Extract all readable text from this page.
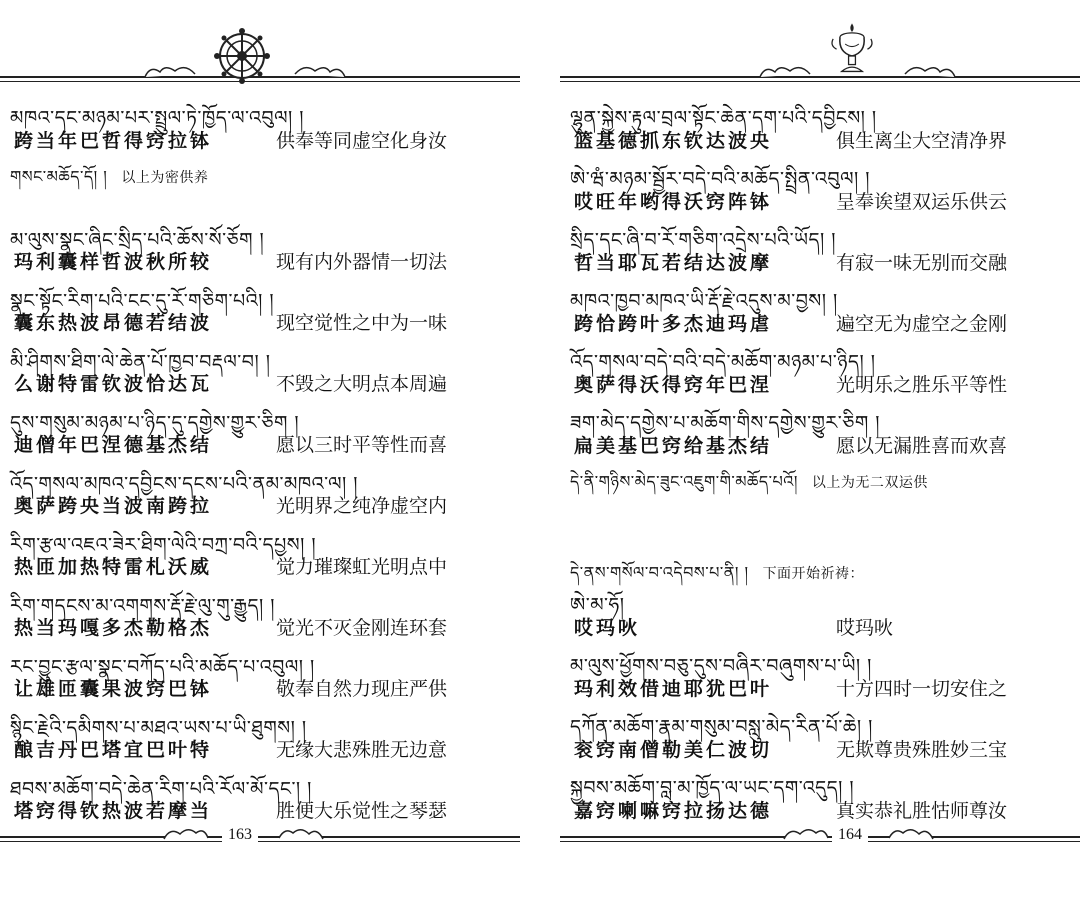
མཁའ་དང་མཉམ་པར་སྤྲུལ་ཏེ་ཁྱོད་ལ་འབུལ། །
跨当年巴哲得窍拉钵	供奉等同虚空化身汝
གསང་མཆོད་དོ། ། 以上为密供养
མ་ལུས་སྣང་ཞིང་སྲིད་པའི་ཆོས་སོ་ཅོག །
玛利囊样哲波秋所较	现有内外器情一切法
སྣང་སྟོང་རིག་པའི་ངང་དུ་རོ་གཅིག་པའི། །
囊东热波昂德若结波	现空觉性之中为一味
མི་ཤིགས་ཐིག་ལེ་ཆེན་པོ་ཁྱབ་བརྡལ་བ། །
么谢特雷钦波恰达瓦	不毁之大明点本周遍
དུས་གསུམ་མཉམ་པ་ཉིད་དུ་དགྱེས་གྱུར་ཅིག །
迪僧年巴涅德基杰结	愿以三时平等性而喜
འོད་གསལ་མཁའ་དབྱིངས་དངས་པའི་ནམ་མཁའ་ལ། །
奥萨跨央当波南跨拉	光明界之纯净虚空内
རིག་རྩལ་འཇའ་ཟེར་ཐིག་ལེའི་བཀྲ་བའི་དཔྱས། །
热匝加热特雷札沃威	觉力璀璨虹光明点中
རིག་གདངས་མ་འགགས་རྡོ་རྗེ་ལུ་གུ་རྒྱུད། །
热当玛嘎多杰勒格杰	觉光不灭金刚连环套
རང་བྱུང་རྩལ་སྣང་བཀོད་པའི་མཆོད་པ་འབུལ། །
让雄匝囊果波窍巴钵	敬奉自然力现庄严供
སྙིང་རྗེའི་དམིགས་པ་མཐའ་ཡས་པ་ཡི་ཐུགས། །
酿吉丹巴塔宜巴叶特	无缘大悲殊胜无边意
ཐབས་མཆོག་བདེ་ཆེན་རིག་པའི་རོལ་མོ་དང་། །
塔窍得钦热波若摩当	胜便大乐觉性之琴瑟
163
ལྷུན་སྐྱེས་རྟུལ་བྲལ་སྟོང་ཆེན་དག་པའི་དབྱིངས། །
篮基德抓东钦达波央	俱生离尘大空清净界
ཨེ་ཝཾ་མཉམ་སྦྱོར་བདེ་བའི་མཆོད་སྤྲིན་འབུལ། །
哎旺年哟得沃窍阵钵	呈奉诶望双运乐供云
སྲིད་དང་ཞི་བ་རོ་གཅིག་འདྲེས་པའི་ཡོད། །
哲当耶瓦若结达波摩	有寂一味无别而交融
མཁའ་ཁྱབ་མཁའ་ཡི་རྡོ་རྗེ་འདུས་མ་བྱས། །
跨恰跨叶多杰迪玛虐	遍空无为虚空之金刚
འོད་གསལ་བདེ་བའི་བདེ་མཆོག་མཉམ་པ་ཉིད། །
奥萨得沃得窍年巴涅	光明乐之胜乐平等性
ཟག་མེད་དགྱེས་པ་མཆོག་གིས་དགྱེས་གྱུར་ཅིག །
扁美基巴窍给基杰结	愿以无漏胜喜而欢喜
དེ་ནི་གཉིས་མེད་ཟུང་འཇུག་གི་མཆོད་པའོ། 以上为无二双运供
དེ་ནས་གསོལ་བ་འདེབས་པ་ནི། ། 下面开始祈祷：
ཨེ་མ་ཧོ།
哎玛吙	哎玛吙
མ་ལུས་ཕྱོགས་བཅུ་དུས་བཞིར་བཞུགས་པ་ཡི། །
玛利效借迪耶犹巴叶	十方四时一切安住之
དཀོན་མཆོག་རྣམ་གསུམ་བསླུ་མེད་རིན་པོ་ཆེ། །
衮窍南僧勒美仁波切	无欺尊贵殊胜妙三宝
སྐྱབས་མཆོག་བླ་མ་ཁྱོད་ལ་ཡང་དག་འདུད། །
嘉窍喇嘛窍拉扬达德	真实恭礼胜怙师尊汝
164
